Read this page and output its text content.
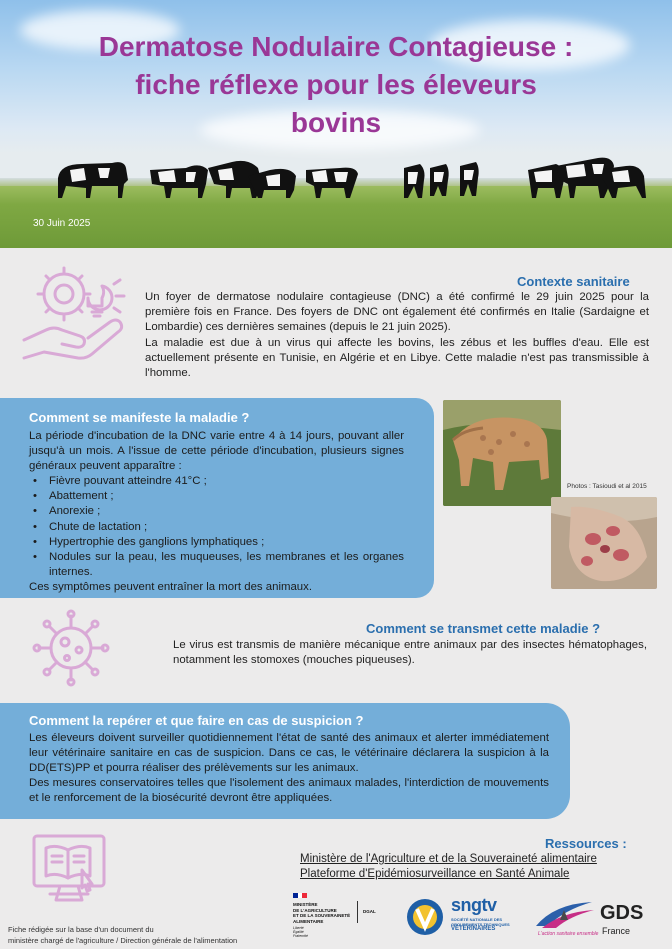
Dermatose Nodulaire Contagieuse :
fiche réflexe pour les éleveurs
bovins
30 Juin 2025
Contexte sanitaire

Un foyer de dermatose nodulaire contagieuse (DNC) a été confirmé le 29 juin 2025 pour la première fois en France. Des foyers de DNC ont également été confirmés en Italie (Sardaigne et Lombardie) ces dernières semaines (depuis le 21 juin 2025).

La maladie est due à un virus qui affecte les bovins, les zébus et les buffles d'eau. Elle est actuellement présente en Tunisie, en Algérie et en Libye. Cette maladie n'est pas transmissible à l'homme.

Comment se manifeste la maladie ?

La période d'incubation de la DNC varie entre 4 à 14 jours, pouvant aller jusqu'à un mois. A l'issue de cette période d'incubation, plusieurs signes généraux peuvent apparaître :

• Fièvre pouvant atteindre 41°C ;
• Abattement ;
• Anorexie ;
• Chute de lactation ;
• Hypertrophie des ganglions lymphatiques ;
• Nodules sur la peau, les muqueuses, les membranes et les organes internes.

Ces symptômes peuvent entraîner la mort des animaux.

Photos : Tasioudi et al 2015
Comment se transmet cette maladie ?
Le virus est transmis de manière mécanique entre animaux par des insectes hématophages, notamment les stomoxes (mouches piqueuses).
Comment la repérer et que faire en cas de suspicion ?

Les éleveurs doivent surveiller quotidiennement l'état de santé des animaux et alerter immédiatement leur vétérinaire sanitaire en cas de suspicion. Dans ce cas, le vétérinaire déclarera la suspicion à la DD(ETS)PP et pourra réaliser des prélèvements sur les animaux.

Des mesures conservatoires telles que l'isolement des animaux malades, l'interdiction de mouvements et le renforcement de la biosécurité devront être appliquées.

Ressources :
Ministère de l'Agriculture et de la Souveraineté alimentaire
Plateforme d'Epidémiosurveillance en Santé Animale
Fiche rédigée sur la base d'un document du
ministère chargé de l'agriculture / Direction générale de l'alimentation
MINISTÈRE
DE L'AGRICULTURE
ET DE LA SOUVERAINETÉ
ALIMENTAIRE
Liberté
Égalité
Fraternité
DGAL	sngtv
SOCIÉTÉ NATIONALE DES
GROUPEMENTS TECHNIQUES
VÉTÉRINAIRES
L'action sanitaire ensemble
GDS
France
